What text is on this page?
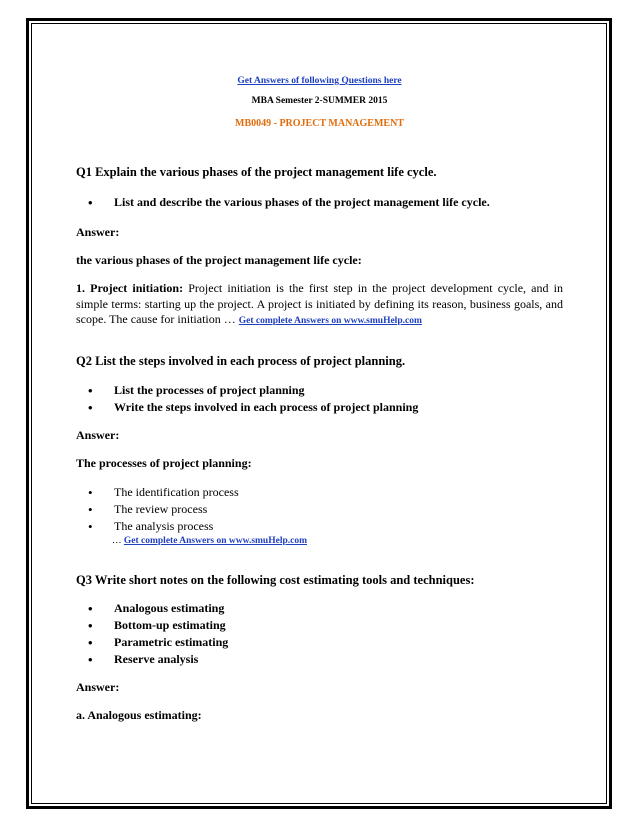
Get Answers of following Questions here
MBA Semester 2-SUMMER 2015
MB0049 - PROJECT MANAGEMENT
Q1 Explain the various phases of the project management life cycle.
• List and describe the various phases of the project management life cycle.
Answer:
the various phases of the project management life cycle:
1. Project initiation: Project initiation is the first step in the project development cycle, and in simple terms: starting up the project. A project is initiated by defining its reason, business goals, and scope. The cause for initiation … Get complete Answers on www.smuHelp.com
Q2 List the steps involved in each process of project planning.
• List the processes of project planning
• Write the steps involved in each process of project planning
Answer:
The processes of project planning:
• The identification process
• The review process
• The analysis process
… Get complete Answers on www.smuHelp.com
Q3 Write short notes on the following cost estimating tools and techniques:
• Analogous estimating
• Bottom-up estimating
• Parametric estimating
• Reserve analysis
Answer:
a. Analogous estimating:
